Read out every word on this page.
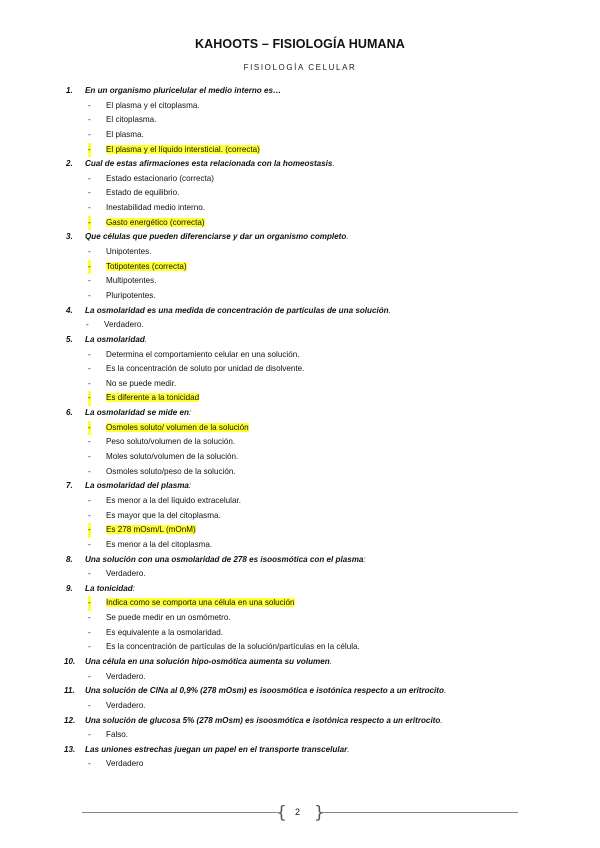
KAHOOTS – FISIOLOGÍA HUMANA
FISIOLOGÍA CELULAR
1. En un organismo pluricelular el medio interno es…
- El plasma y el citoplasma.
- El citoplasma.
- El plasma.
- El plasma y el líquido intersticial. (correcta)
2. Cual de estas afirmaciones esta relacionada con la homeostasis.
- Estado estacionario (correcta)
- Estado de equilibrio.
- Inestabilidad medio interno.
- Gasto energético (correcta)
3. Que células que pueden diferenciarse y dar un organismo completo.
- Unipotentes.
- Totipotentes (correcta)
- Multipotentes.
- Pluripotentes.
4. La osmolaridad es una medida de concentración de partículas de una solución.
- Verdadero.
5. La osmolaridad.
- Determina el comportamiento celular en una solución.
- Es la concentración de soluto por unidad de disolvente.
- No se puede medir.
- Es diferente a la tonicidad
6. La osmolaridad se mide en:
- Osmoles soluto/ volumen de la solución
- Peso soluto/volumen de la solución.
- Moles soluto/volumen de la solución.
- Osmoles soluto/peso de la solución.
7. La osmolaridad del plasma:
- Es menor a la del líquido extracelular.
- Es mayor que la del citoplasma.
- Es 278 mOsm/L (mOnM)
- Es menor a la del citoplasma.
8. Una solución con una osmolaridad de 278 es isoosmótica con el plasma:
- Verdadero.
9. La tonicidad:
- Indica como se comporta una célula en una solución
- Se puede medir en un osmómetro.
- Es equivalente a la osmolaridad.
- Es la concentración de partículas de la solución/partículas en la célula.
10. Una célula en una solución hipo-osmótica aumenta su volumen.
- Verdadero.
11. Una solución de ClNa al 0,9% (278 mOsm) es isoosmótica e isotónica respecto a un eritrocito.
- Verdadero.
12. Una solución de glucosa 5% (278 mOsm) es isoosmótica e isotónica respecto a un eritrocito.
- Falso.
13. Las uniones estrechas juegan un papel en el transporte transcelular.
- Verdadero
{ 2 }
